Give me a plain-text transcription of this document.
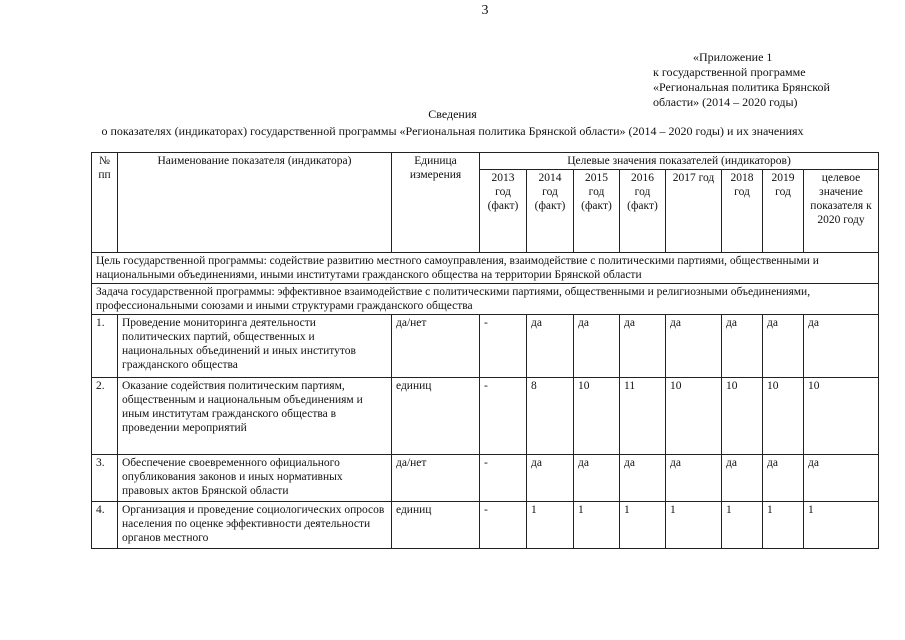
3
«Приложение 1
к государственной программе
«Региональная политика Брянской
области» (2014 – 2020 годы)
Сведения
о показателях (индикаторах) государственной программы «Региональная политика Брянской области» (2014 – 2020 годы) и их значениях
№ пп	Наименование показателя (индикатора)	Единица измерения	Целевые значения показателей (индикаторов)							
			2013 год (факт)	2014 год (факт)	2015 год (факт)	2016 год (факт)	2017 год	2018 год	2019 год	целевое значение показателя к 2020 году
Цель государственной программы: содействие развитию местного самоуправления, взаимодействие с политическими партиями, общественными и национальными объединениями, иными институтами гражданского общества на территории Брянской области										
Задача государственной программы: эффективное взаимодействие с политическими партиями, общественными и религиозными объединениями, профессиональными союзами и иными структурами гражданского общества										
1.	Проведение мониторинга деятельности политических партий, общественных и национальных объединений и иных институтов гражданского общества	да/нет	-	да	да	да	да	да	да	да
2.	Оказание содействия политическим партиям, общественным и национальным объединениям и иным институтам гражданского общества в проведении мероприятий	единиц	-	8	10	11	10	10	10	10
3.	Обеспечение своевременного официального опубликования законов и иных нормативных правовых актов Брянской области	да/нет	-	да	да	да	да	да	да	да
4.	Организация и проведение социологических опросов населения по оценке эффективности деятельности органов местного	единиц	-	1	1	1	1	1	1	1
